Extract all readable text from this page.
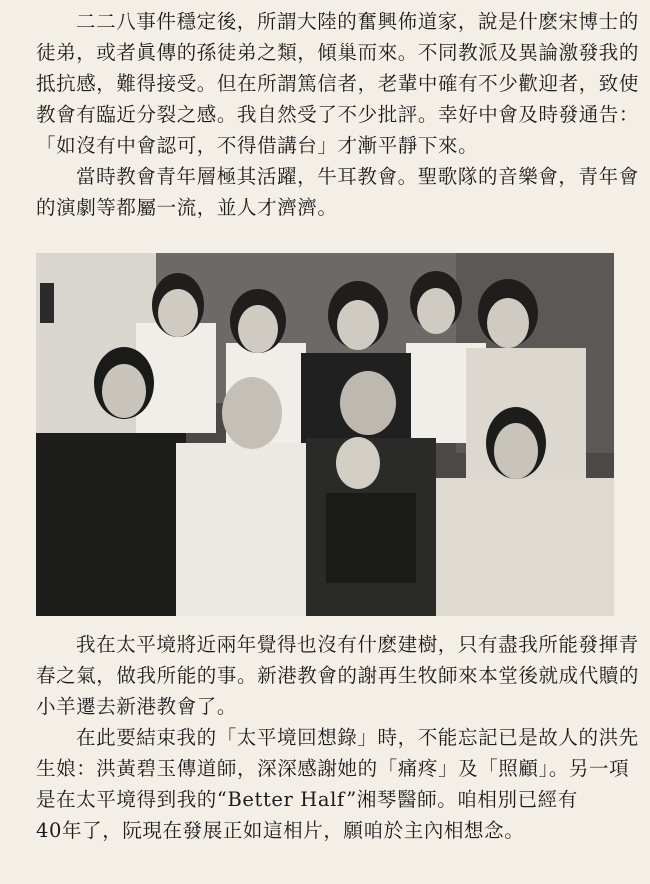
二二八事件穩定後，所謂大陸的奮興佈道家，說是什麽宋博士的
徒弟，或者眞傳的孫徒弟之類，傾巢而來。不同教派及異論激發我的
抵抗感，難得接受。但在所謂篤信者，老輩中確有不少歡迎者，致使
教會有臨近分裂之感。我自然受了不少批評。幸好中會及時發通告：
「如沒有中會認可，不得借講台」才漸平靜下來。
當時教會青年層極其活躍，牛耳教會。聖歌隊的音樂會，青年會
的演劇等都屬一流，並人才濟濟。
我在太平境將近兩年覺得也沒有什麽建樹，只有盡我所能發揮青
春之氣，做我所能的事。新港教會的謝再生牧師來本堂後就成代贖的
小羊遷去新港教會了。
在此要結束我的「太平境回想錄」時，不能忘記已是故人的洪先
生娘：洪黃碧玉傳道師，深深感謝她的「痛疼」及「照顧」。另一項
是在太平境得到我的“Better Half”湘琴醫師。咱相別已經有
40年了，阮現在發展正如這相片，願咱於主內相想念。
